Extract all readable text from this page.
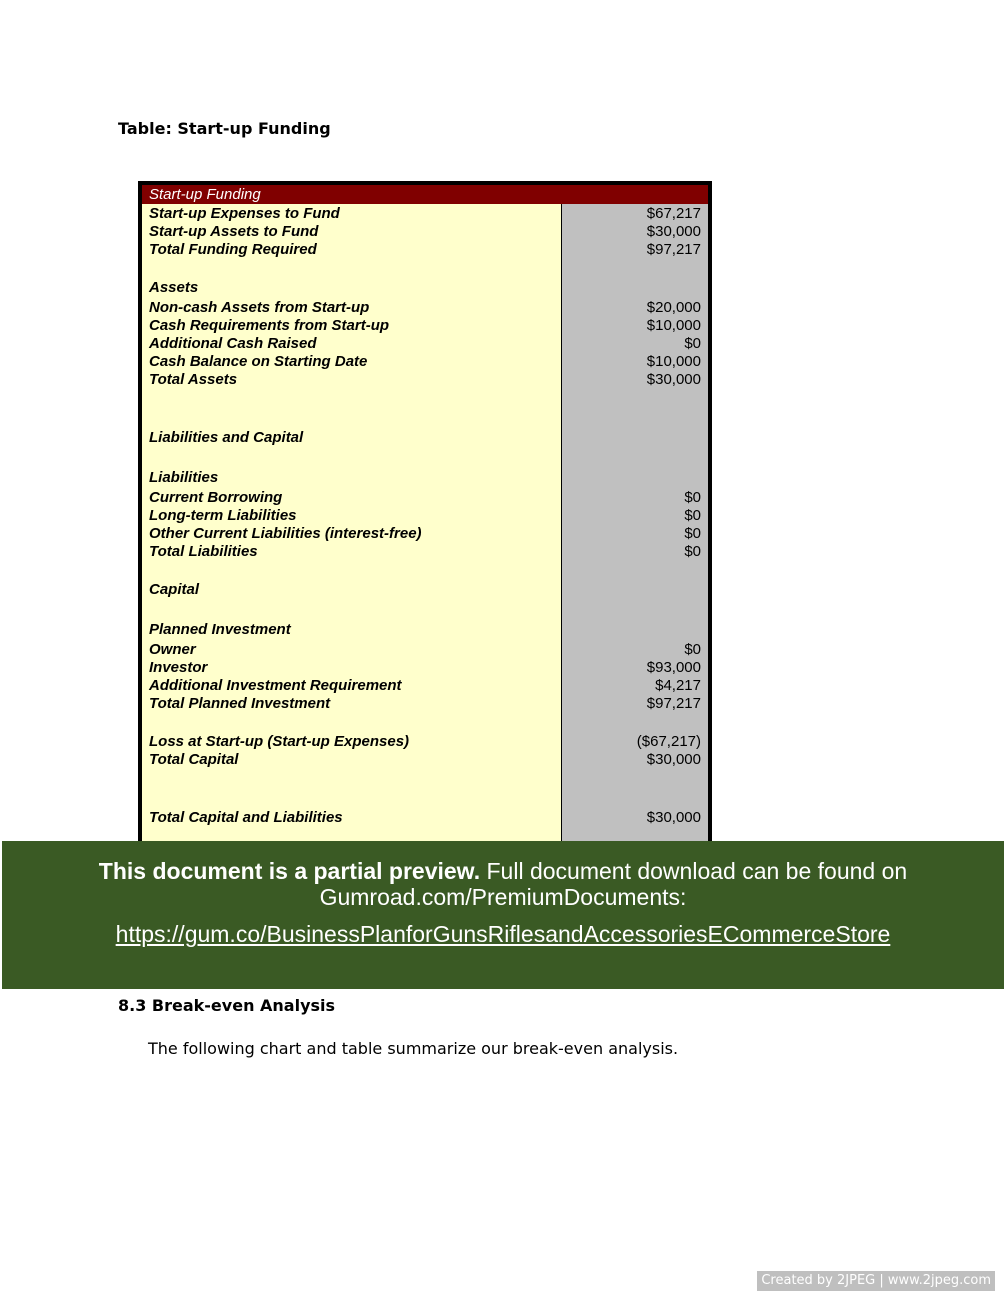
Table: Start-up Funding
Start-up Funding
Start-up Expenses to Fund	$67,217
Start-up Assets to Fund	$30,000
Total Funding Required	$97,217
Assets
Non-cash Assets from Start-up	$20,000
Cash Requirements from Start-up	$10,000
Additional Cash Raised	$0
Cash Balance on Starting Date	$10,000
Total Assets	$30,000
Liabilities and Capital
Liabilities
Current Borrowing	$0
Long-term Liabilities	$0
Other Current Liabilities (interest-free)	$0
Total Liabilities	$0
Capital
Planned Investment
Owner	$0
Investor	$93,000
Additional Investment Requirement	$4,217
Total Planned Investment	$97,217
Loss at Start-up (Start-up Expenses)	($67,217)
Total Capital	$30,000
Total Capital and Liabilities	$30,000
This document is a partial preview. Full document download can be found on
Gumroad.com/PremiumDocuments:
https://gum.co/BusinessPlanforGunsRiflesandAccessoriesECommerceStore
8.3 Break-even Analysis
The following chart and table summarize our break-even analysis.
Created by 2JPEG | www.2jpeg.com
